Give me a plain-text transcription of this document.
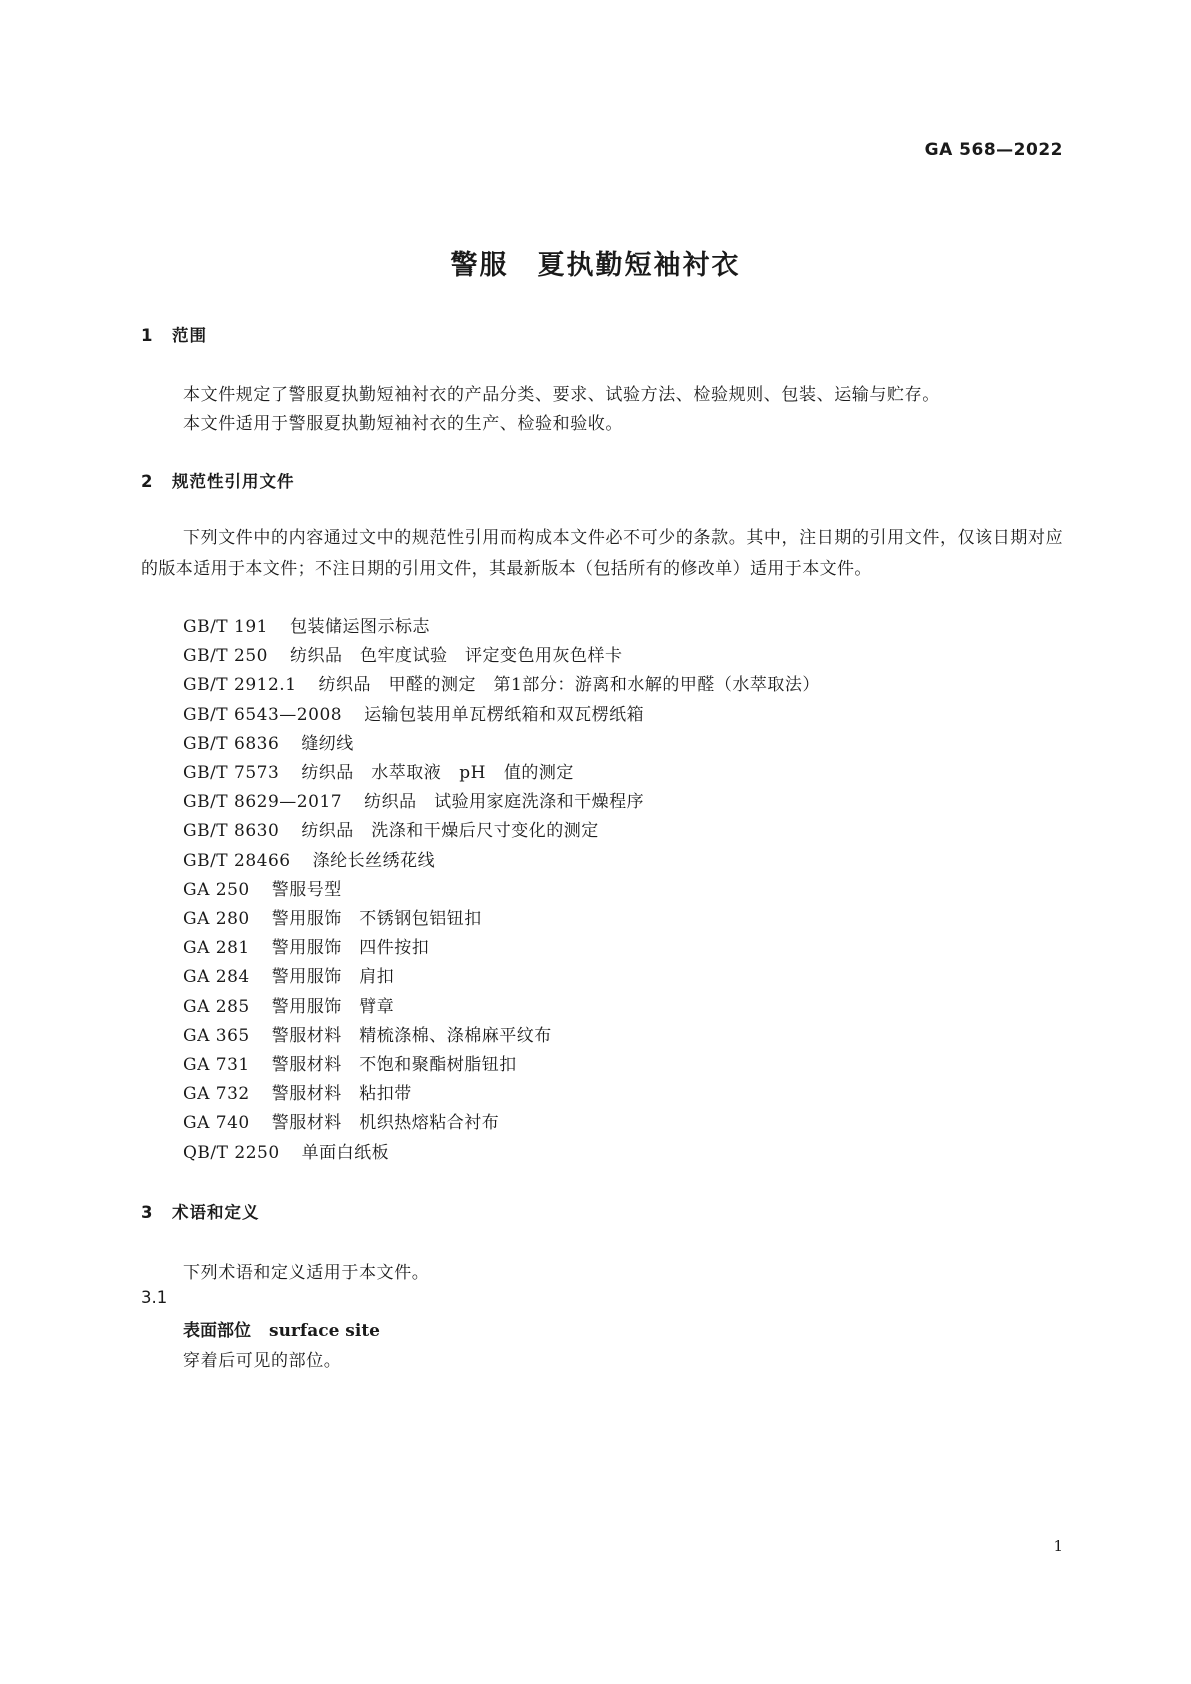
GA 568—2022
警服　夏执勤短袖衬衣
1 范围
本文件规定了警服夏执勤短袖衬衣的产品分类、要求、试验方法、检验规则、包装、运输与贮存。
本文件适用于警服夏执勤短袖衬衣的生产、检验和验收。
2 规范性引用文件
下列文件中的内容通过文中的规范性引用而构成本文件必不可少的条款。其中，注日期的引用文件，仅该日期对应的版本适用于本文件；不注日期的引用文件，其最新版本（包括所有的修改单）适用于本文件。
GB/T 191 包装储运图示标志
GB/T 250 纺织品　色牢度试验　评定变色用灰色样卡
GB/T 2912.1 纺织品　甲醛的测定　第1部分：游离和水解的甲醛（水萃取法）
GB/T 6543—2008 运输包装用单瓦楞纸箱和双瓦楞纸箱
GB/T 6836 缝纫线
GB/T 7573 纺织品　水萃取液 pH 值的测定
GB/T 8629—2017 纺织品　试验用家庭洗涤和干燥程序
GB/T 8630 纺织品　洗涤和干燥后尺寸变化的测定
GB/T 28466 涤纶长丝绣花线
GA 250 警服号型
GA 280 警用服饰　不锈钢包铝钮扣
GA 281 警用服饰　四件按扣
GA 284 警用服饰　肩扣
GA 285 警用服饰　臂章
GA 365 警服材料　精梳涤棉、涤棉麻平纹布
GA 731 警服材料　不饱和聚酯树脂钮扣
GA 732 警服材料　粘扣带
GA 740 警服材料　机织热熔粘合衬布
QB/T 2250 单面白纸板
3 术语和定义
下列术语和定义适用于本文件。
3.1
表面部位 surface site
穿着后可见的部位。
1
